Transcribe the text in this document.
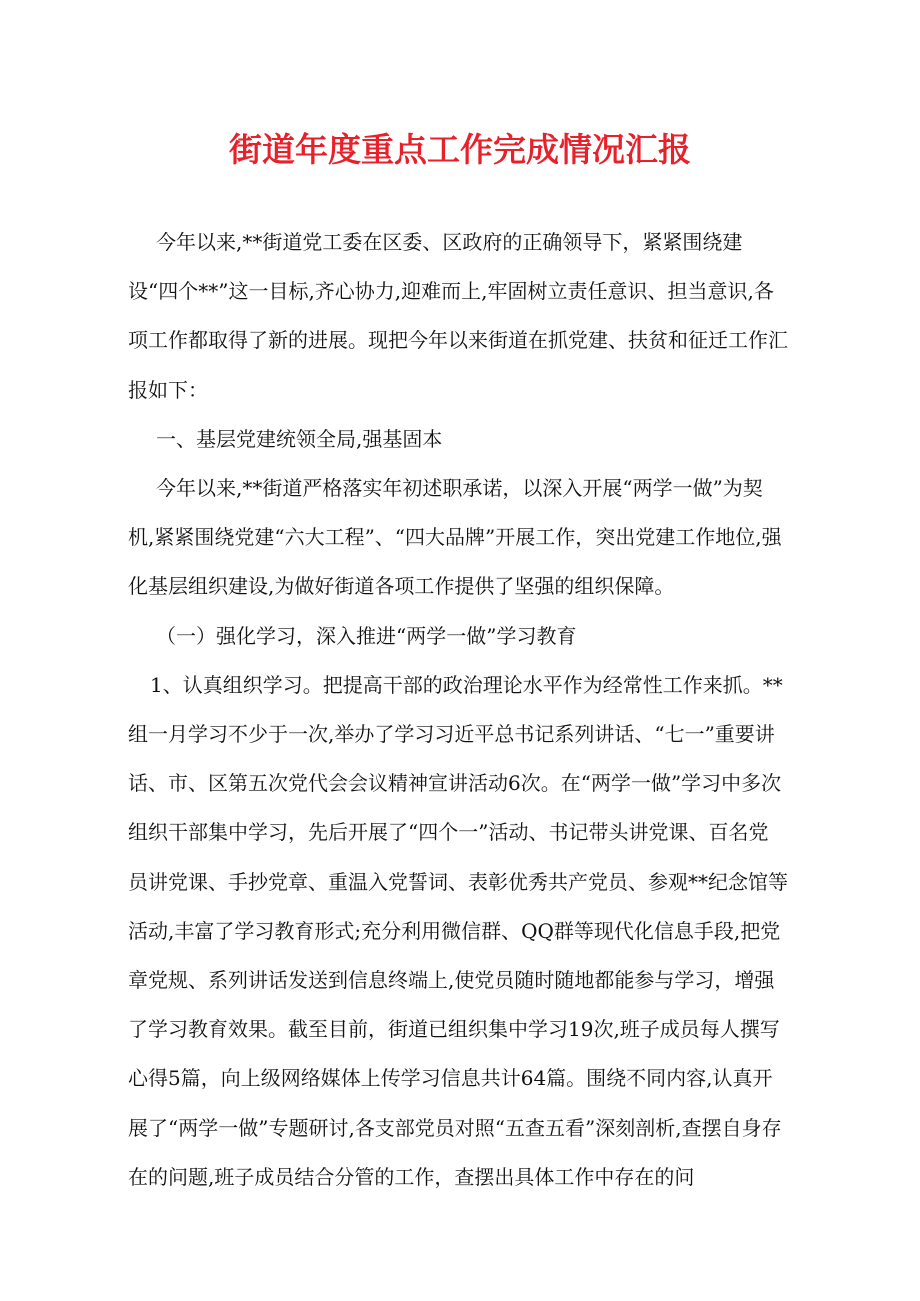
街道年度重点工作完成情况汇报

今年以来,**街道党工委在区委、区政府的正确领导下，紧紧围绕建设“四个**”这一目标,齐心协力,迎难而上,牢固树立责任意识、担当意识,各项工作都取得了新的进展。现把今年以来街道在抓党建、扶贫和征迁工作汇报如下：

一、基层党建统领全局,强基固本

今年以来,**街道严格落实年初述职承诺，以深入开展“两学一做”为契机,紧紧围绕党建“六大工程”、“四大品牌”开展工作，突出党建工作地位,强化基层组织建设,为做好街道各项工作提供了坚强的组织保障。

（一）强化学习，深入推进“两学一做”学习教育

1、认真组织学习。把提高干部的政治理论水平作为经常性工作来抓。**组一月学习不少于一次,举办了学习习近平总书记系列讲话、“七一”重要讲话、市、区第五次党代会会议精神宣讲活动6次。在“两学一做”学习中多次组织干部集中学习，先后开展了“四个一”活动、书记带头讲党课、百名党员讲党课、手抄党章、重温入党誓词、表彰优秀共产党员、参观**纪念馆等活动,丰富了学习教育形式;充分利用微信群、QQ群等现代化信息手段,把党章党规、系列讲话发送到信息终端上,使党员随时随地都能参与学习，增强了学习教育效果。截至目前，街道已组织集中学习19次,班子成员每人撰写心得5篇，向上级网络媒体上传学习信息共计64篇。围绕不同内容,认真开展了“两学一做”专题研讨,各支部党员对照“五查五看”深刻剖析,查摆自身存在的问题,班子成员结合分管的工作，查摆出具体工作中存在的问
